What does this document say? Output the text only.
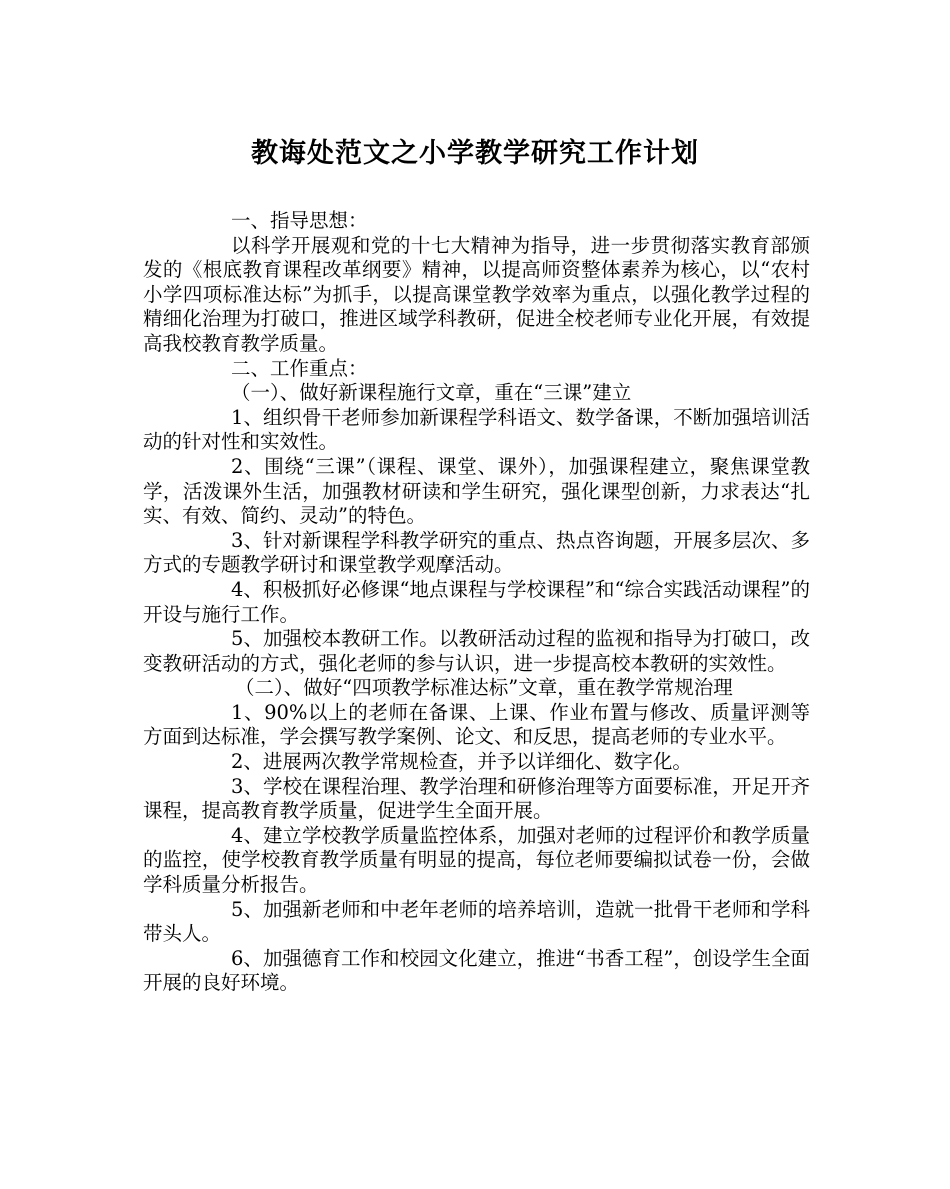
教诲处范文之小学教学研究工作计划

一、指导思想：

以科学开展观和党的十七大精神为指导，进一步贯彻落实教育部颁发的《根底教育课程改革纲要》精神，以提高师资整体素养为核心，以“农村小学四项标准达标”为抓手，以提高课堂教学效率为重点，以强化教学过程的精细化治理为打破口，推进区域学科教研，促进全校老师专业化开展，有效提高我校教育教学质量。

二、工作重点：

（一）、做好新课程施行文章，重在“三课”建立

1、组织骨干老师参加新课程学科语文、数学备课，不断加强培训活动的针对性和实效性。

2、围绕“三课”（课程、课堂、课外），加强课程建立，聚焦课堂教学，活泼课外生活，加强教材研读和学生研究，强化课型创新，力求表达“扎实、有效、简约、灵动”的特色。

3、针对新课程学科教学研究的重点、热点咨询题，开展多层次、多方式的专题教学研讨和课堂教学观摩活动。

4、积极抓好必修课“地点课程与学校课程”和“综合实践活动课程”的开设与施行工作。

5、加强校本教研工作。以教研活动过程的监视和指导为打破口，改变教研活动的方式，强化老师的参与认识，进一步提高校本教研的实效性。

（二）、做好“四项教学标准达标”文章，重在教学常规治理

1、90%以上的老师在备课、上课、作业布置与修改、质量评测等方面到达标准，学会撰写教学案例、论文、和反思，提高老师的专业水平。

2、进展两次教学常规检查，并予以详细化、数字化。

3、学校在课程治理、教学治理和研修治理等方面要标准，开足开齐课程，提高教育教学质量，促进学生全面开展。

4、建立学校教学质量监控体系，加强对老师的过程评价和教学质量的监控，使学校教育教学质量有明显的提高，每位老师要编拟试卷一份，会做学科质量分析报告。

5、加强新老师和中老年老师的培养培训，造就一批骨干老师和学科带头人。

6、加强德育工作和校园文化建立，推进“书香工程”，创设学生全面开展的良好环境。
